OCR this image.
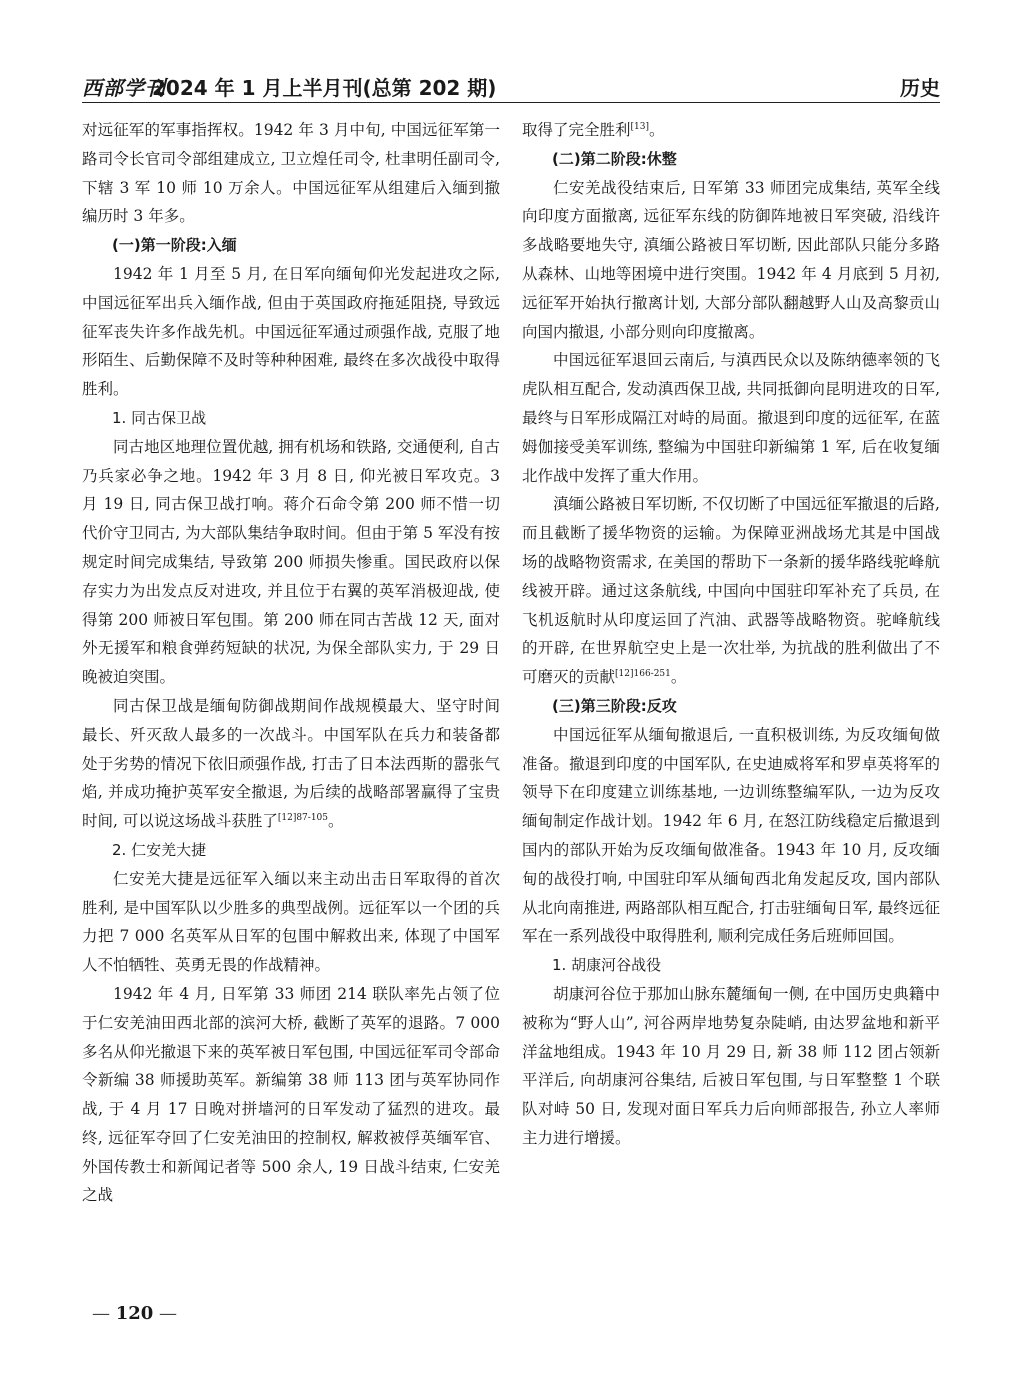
西部学刊
2024 年 1 月上半月刊(总第 202 期)	历史

对远征军的军事指挥权。1942 年 3 月中旬, 中国远征军第一路司令长官司令部组建成立, 卫立煌任司令, 杜聿明任副司令, 下辖 3 军 10 师 10 万余人。中国远征军从组建后入缅到撤编历时 3 年多。

(一)第一阶段:入缅

1942 年 1 月至 5 月, 在日军向缅甸仰光发起进攻之际, 中国远征军出兵入缅作战, 但由于英国政府拖延阻挠, 导致远征军丧失许多作战先机。中国远征军通过顽强作战, 克服了地形陌生、后勤保障不及时等种种困难, 最终在多次战役中取得胜利。

1. 同古保卫战

同古地区地理位置优越, 拥有机场和铁路, 交通便利, 自古乃兵家必争之地。1942 年 3 月 8 日, 仰光被日军攻克。3 月 19 日, 同古保卫战打响。蒋介石命令第 200 师不惜一切代价守卫同古, 为大部队集结争取时间。但由于第 5 军没有按规定时间完成集结, 导致第 200 师损失惨重。国民政府以保存实力为出发点反对进攻, 并且位于右翼的英军消极迎战, 使得第 200 师被日军包围。第 200 师在同古苦战 12 天, 面对外无援军和粮食弹药短缺的状况, 为保全部队实力, 于 29 日晚被迫突围。

同古保卫战是缅甸防御战期间作战规模最大、坚守时间最长、歼灭敌人最多的一次战斗。中国军队在兵力和装备都处于劣势的情况下依旧顽强作战, 打击了日本法西斯的嚣张气焰, 并成功掩护英军安全撤退, 为后续的战略部署赢得了宝贵时间, 可以说这场战斗获胜了$^{[12]87-105}$。

2. 仁安羌大捷

仁安羌大捷是远征军入缅以来主动出击日军取得的首次胜利, 是中国军队以少胜多的典型战例。远征军以一个团的兵力把 7 000 名英军从日军的包围中解救出来, 体现了中国军人不怕牺牲、英勇无畏的作战精神。

1942 年 4 月, 日军第 33 师团 214 联队率先占领了位于仁安羌油田西北部的滨河大桥, 截断了英军的退路。7 000 多名从仰光撤退下来的英军被日军包围, 中国远征军司令部命令新编 38 师援助英军。新编第 38 师 113 团与英军协同作战, 于 4 月 17 日晚对拼墙河的日军发动了猛烈的进攻。最终, 远征军夺回了仁安羌油田的控制权, 解救被俘英缅军官、外国传教士和新闻记者等 500 余人, 19 日战斗结束, 仁安羌之战

取得了完全胜利[13]。

(二)第二阶段:休整

仁安羌战役结束后, 日军第 33 师团完成集结, 英军全线向印度方面撤离, 远征军东线的防御阵地被日军突破, 沿线许多战略要地失守, 滇缅公路被日军切断, 因此部队只能分多路从森林、山地等困境中进行突围。1942 年 4 月底到 5 月初, 远征军开始执行撤离计划, 大部分部队翻越野人山及高黎贡山向国内撤退, 小部分则向印度撤离。

中国远征军退回云南后, 与滇西民众以及陈纳德率领的飞虎队相互配合, 发动滇西保卫战, 共同抵御向昆明进攻的日军, 最终与日军形成隔江对峙的局面。撤退到印度的远征军, 在蓝姆伽接受美军训练, 整编为中国驻印新编第 1 军, 后在收复缅北作战中发挥了重大作用。

滇缅公路被日军切断, 不仅切断了中国远征军撤退的后路, 而且截断了援华物资的运输。为保障亚洲战场尤其是中国战场的战略物资需求, 在美国的帮助下一条新的援华路线驼峰航线被开辟。通过这条航线, 中国向中国驻印军补充了兵员, 在飞机返航时从印度运回了汽油、武器等战略物资。驼峰航线的开辟, 在世界航空史上是一次壮举, 为抗战的胜利做出了不可磨灭的贡献$^{[12]166-251}$。

(三)第三阶段:反攻

中国远征军从缅甸撤退后, 一直积极训练, 为反攻缅甸做准备。撤退到印度的中国军队, 在史迪威将军和罗卓英将军的领导下在印度建立训练基地, 一边训练整编军队, 一边为反攻缅甸制定作战计划。1942 年 6 月, 在怒江防线稳定后撤退到国内的部队开始为反攻缅甸做准备。1943 年 10 月, 反攻缅甸的战役打响, 中国驻印军从缅甸西北角发起反攻, 国内部队从北向南推进, 两路部队相互配合, 打击驻缅甸日军, 最终远征军在一系列战役中取得胜利, 顺利完成任务后班师回国。

1. 胡康河谷战役

胡康河谷位于那加山脉东麓缅甸一侧, 在中国历史典籍中被称为“野人山”, 河谷两岸地势复杂陡峭, 由达罗盆地和新平洋盆地组成。1943 年 10 月 29 日, 新 38 师 112 团占领新平洋后, 向胡康河谷集结, 后被日军包围, 与日军整整 1 个联队对峙 50 日, 发现对面日军兵力后向师部报告, 孙立人率师主力进行增援。

— 120 —
